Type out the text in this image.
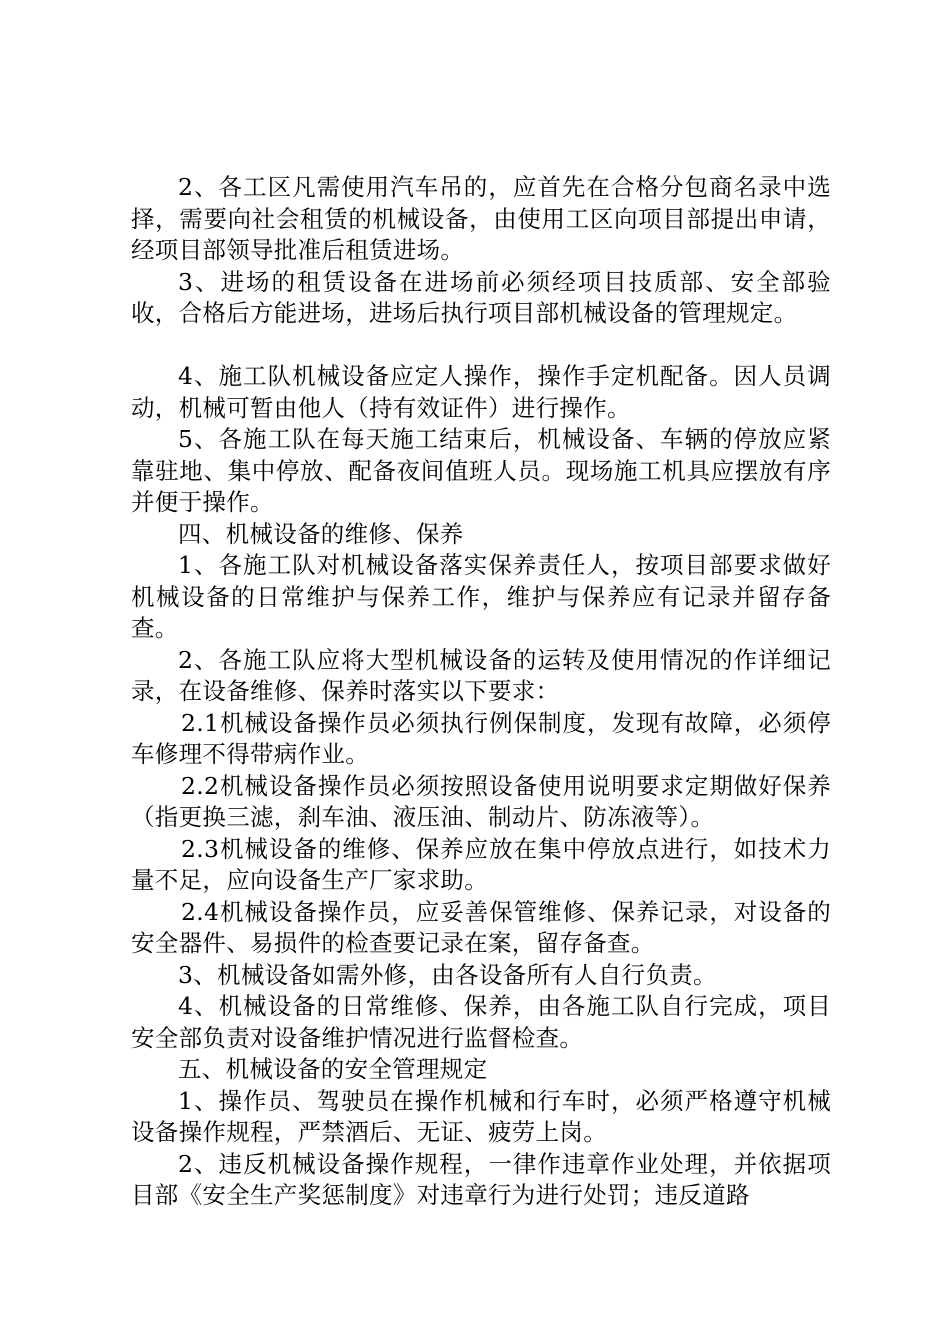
2、各工区凡需使用汽车吊的，应首先在合格分包商名录中选择，需要向社会租赁的机械设备，由使用工区向项目部提出申请，经项目部领导批准后租赁进场。

3、进场的租赁设备在进场前必须经项目技质部、安全部验收，合格后方能进场，进场后执行项目部机械设备的管理规定。

4、施工队机械设备应定人操作，操作手定机配备。因人员调动，机械可暂由他人（持有效证件）进行操作。

5、各施工队在每天施工结束后，机械设备、车辆的停放应紧靠驻地、集中停放、配备夜间值班人员。现场施工机具应摆放有序并便于操作。

四、机械设备的维修、保养

1、各施工队对机械设备落实保养责任人，按项目部要求做好机械设备的日常维护与保养工作，维护与保养应有记录并留存备查。

2、各施工队应将大型机械设备的运转及使用情况的作详细记录，在设备维修、保养时落实以下要求：

2.1机械设备操作员必须执行例保制度，发现有故障，必须停车修理不得带病作业。

2.2机械设备操作员必须按照设备使用说明要求定期做好保养（指更换三滤，刹车油、液压油、制动片、防冻液等）。

2.3机械设备的维修、保养应放在集中停放点进行，如技术力量不足，应向设备生产厂家求助。

2.4机械设备操作员，应妥善保管维修、保养记录，对设备的安全器件、易损件的检查要记录在案，留存备查。

3、机械设备如需外修，由各设备所有人自行负责。

4、机械设备的日常维修、保养，由各施工队自行完成，项目安全部负责对设备维护情况进行监督检查。

五、机械设备的安全管理规定

1、操作员、驾驶员在操作机械和行车时，必须严格遵守机械设备操作规程，严禁酒后、无证、疲劳上岗。

2、违反机械设备操作规程，一律作违章作业处理，并依据项目部《安全生产奖惩制度》对违章行为进行处罚；违反道路
